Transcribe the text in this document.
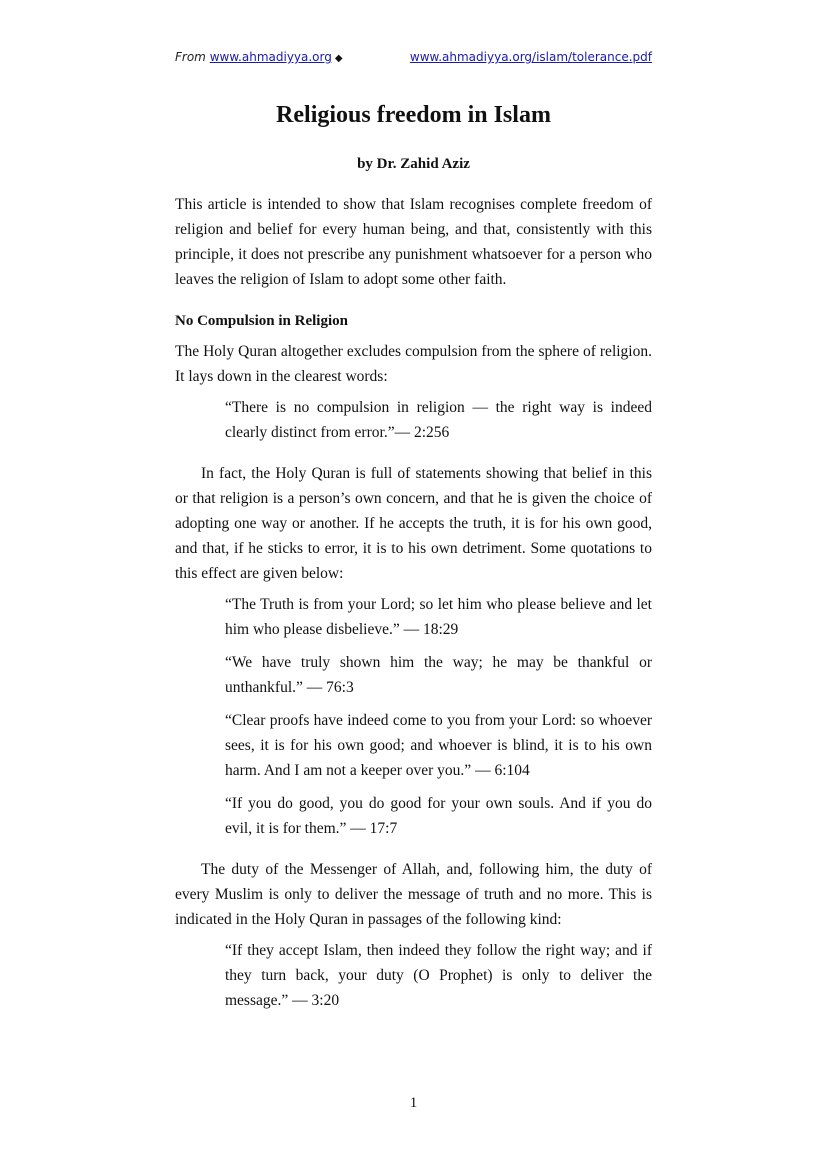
From www.ahmadiyya.org ◆	www.ahmadiyya.org/islam/tolerance.pdf
Religious freedom in Islam
by Dr. Zahid Aziz

This article is intended to show that Islam recognises complete freedom of religion and belief for every human being, and that, consistently with this principle, it does not prescribe any punishment whatsoever for a person who leaves the religion of Islam to adopt some other faith.

No Compulsion in Religion

The Holy Quran altogether excludes compulsion from the sphere of religion. It lays down in the clearest words:

“There is no compulsion in religion — the right way is indeed clearly distinct from error.”— 2:256

In fact, the Holy Quran is full of statements showing that belief in this or that religion is a person’s own concern, and that he is given the choice of adopting one way or another. If he accepts the truth, it is for his own good, and that, if he sticks to error, it is to his own detriment. Some quotations to this effect are given below:

“The Truth is from your Lord; so let him who please believe and let him who please disbelieve.” — 18:29

“We have truly shown him the way; he may be thankful or unthankful.” — 76:3

“Clear proofs have indeed come to you from your Lord: so whoever sees, it is for his own good; and whoever is blind, it is to his own harm. And I am not a keeper over you.” — 6:104

“If you do good, you do good for your own souls. And if you do evil, it is for them.” — 17:7

The duty of the Messenger of Allah, and, following him, the duty of every Muslim is only to deliver the message of truth and no more. This is indicated in the Holy Quran in passages of the following kind:

“If they accept Islam, then indeed they follow the right way; and if they turn back, your duty (O Prophet) is only to deliver the message.” — 3:20

1
